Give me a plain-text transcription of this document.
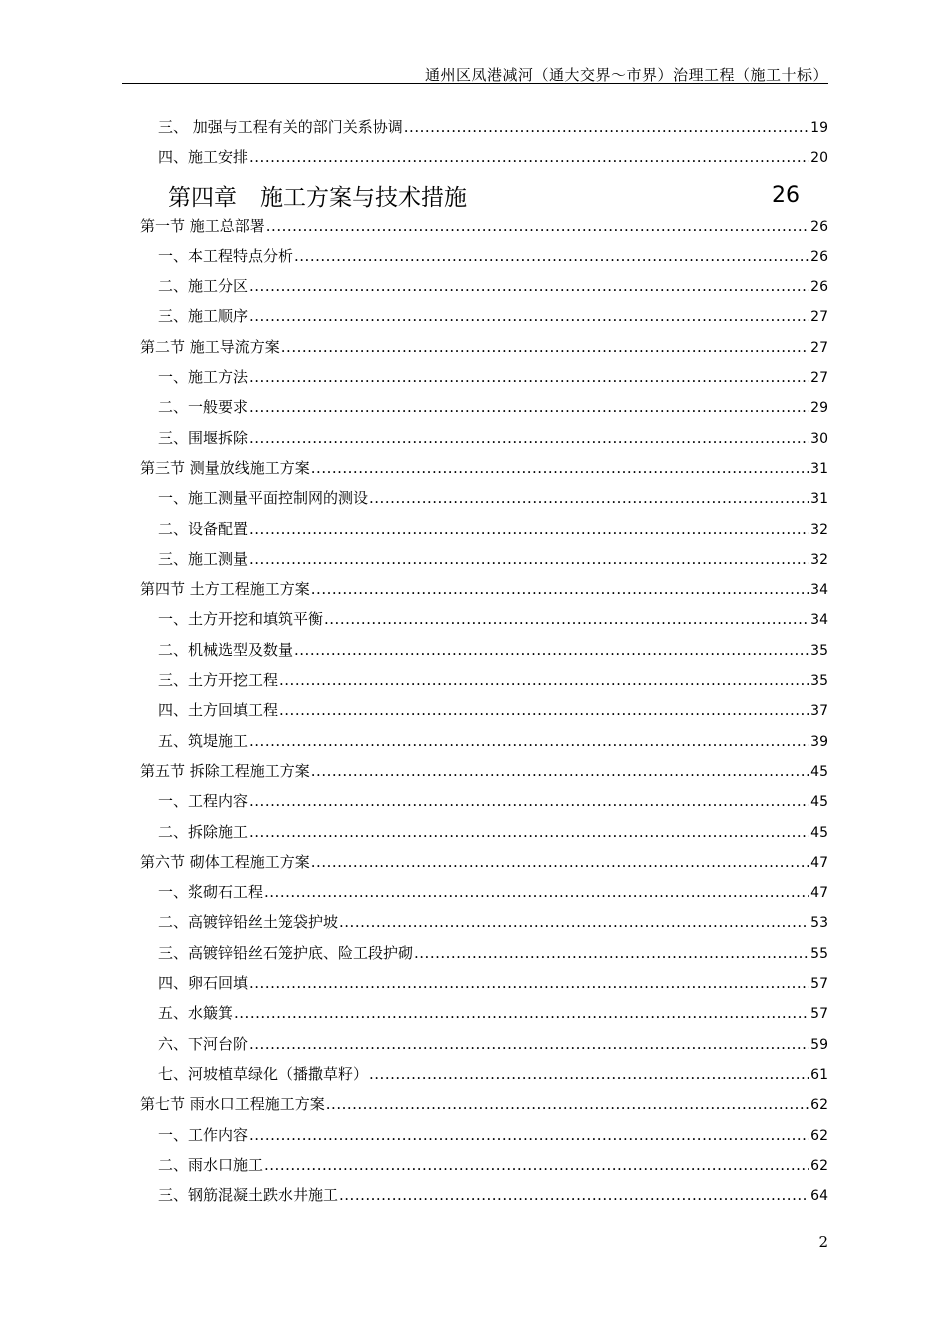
通州区凤港减河（通大交界～市界）治理工程（施工十标）
三、 加强与工程有关的部门关系协调 .....	19
四、施工安排 .....	20
第四章　施工方案与技术措施	26
第一节 施工总部署 .....	26
一、本工程特点分析 .....	26
二、施工分区 .....	26
三、施工顺序 .....	27
第二节 施工导流方案 .....	27
一、施工方法 .....	27
二、一般要求 .....	29
三、围堰拆除 .....	30
第三节 测量放线施工方案 .....	31
一、施工测量平面控制网的测设 .....	31
二、设备配置 .....	32
三、施工测量 .....	32
第四节 土方工程施工方案 .....	34
一、土方开挖和填筑平衡 .....	34
二、机械选型及数量 .....	35
三、土方开挖工程 .....	35
四、土方回填工程 .....	37
五、筑堤施工 .....	39
第五节 拆除工程施工方案 .....	45
一、工程内容 .....	45
二、拆除施工 .....	45
第六节 砌体工程施工方案 .....	47
一、浆砌石工程 .....	47
二、高镀锌铅丝土笼袋护坡 .....	53
三、高镀锌铅丝石笼护底、险工段护砌 .....	55
四、卵石回填 .....	57
五、水簸箕 .....	57
六、下河台阶 .....	59
七、河坡植草绿化（播撒草籽） .....	61
第七节 雨水口工程施工方案 .....	62
一、工作内容 .....	62
二、雨水口施工 .....	62
三、钢筋混凝土跌水井施工 .....	64
2
